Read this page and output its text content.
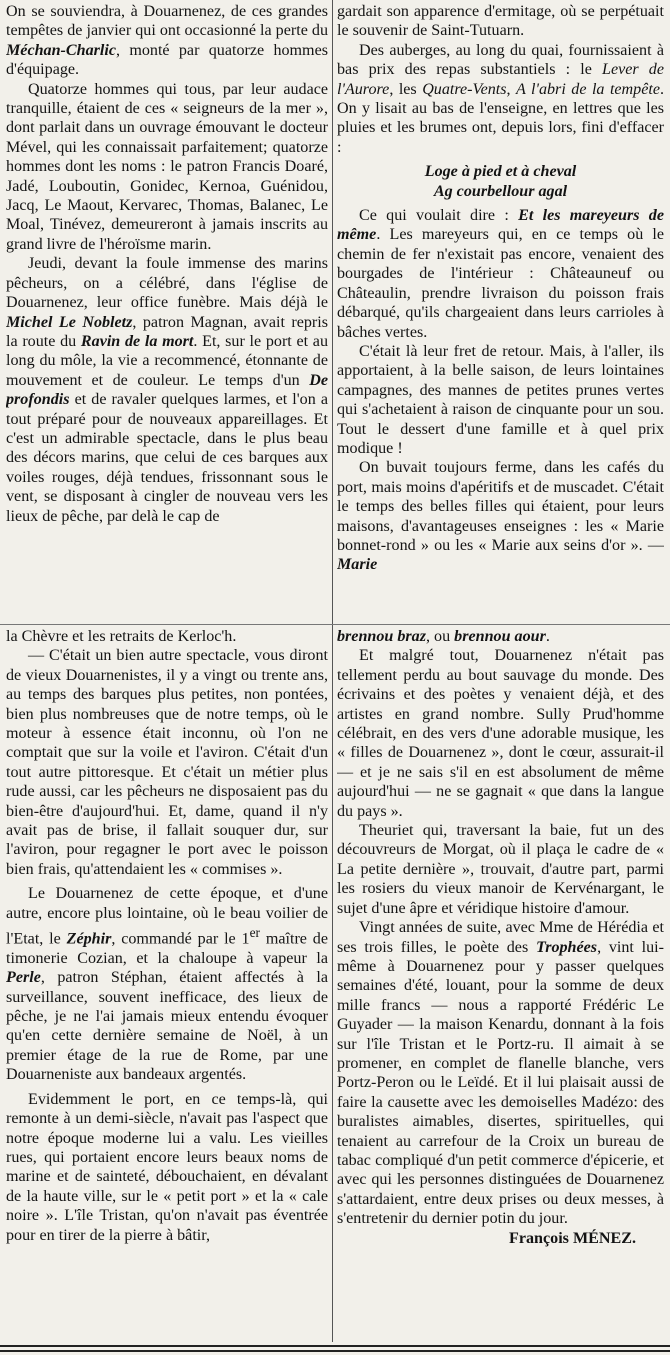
On se souviendra, à Douarnenez, de ces grandes tempêtes de janvier qui ont occasionné la perte du Méchan-Charlic, monté par quatorze hommes d'équipage.

Quatorze hommes qui tous, par leur audace tranquille, étaient de ces « seigneurs de la mer », dont parlait dans un ouvrage émouvant le docteur Mével, qui les connaissait parfaitement; quatorze hommes dont les noms : le patron Francis Doaré, Jadé, Louboutin, Gonidec, Kernoa, Guénidou, Jacq, Le Maout, Kervarec, Thomas, Balanec, Le Moal, Tinévez, demeureront à jamais inscrits au grand livre de l'héroïsme marin.

Jeudi, devant la foule immense des marins pêcheurs, on a célébré, dans l'église de Douarnenez, leur office funèbre. Mais déjà le Michel Le Nobletz, patron Magnan, avait repris la route du Ravin de la mort. Et, sur le port et au long du môle, la vie a recommencé, étonnante de mouvement et de couleur. Le temps d'un De profondis et de ravaler quelques larmes, et l'on a tout préparé pour de nouveaux appareillages. Et c'est un admirable spectacle, dans le plus beau des décors marins, que celui de ces barques aux voiles rouges, déjà tendues, frissonnant sous le vent, se disposant à cingler de nouveau vers les lieux de pêche, par delà le cap de

gardait son apparence d'ermitage, où se perpétuait le souvenir de Saint-Tutuarn.

Des auberges, au long du quai, fournissaient à bas prix des repas substantiels : le Lever de l'Aurore, les Quatre-Vents, A l'abri de la tempête. On y lisait au bas de l'enseigne, en lettres que les pluies et les brumes ont, depuis lors, fini d'effacer :

Loge à pied et à cheval

Ag courbellour agal

Ce qui voulait dire : Et les mareyeurs de même. Les mareyeurs qui, en ce temps où le chemin de fer n'existait pas encore, venaient des bourgades de l'intérieur : Châteauneuf ou Châteaulin, prendre livraison du poisson frais débarqué, qu'ils chargeaient dans leurs carrioles à bâches vertes.

C'était là leur fret de retour. Mais, à l'aller, ils apportaient, à la belle saison, de leurs lointaines campagnes, des mannes de petites prunes vertes qui s'achetaient à raison de cinquante pour un sou. Tout le dessert d'une famille et à quel prix modique !

On buvait toujours ferme, dans les cafés du port, mais moins d'apéritifs et de muscadet. C'était le temps des belles filles qui étaient, pour leurs maisons, d'avantageuses enseignes : les « Marie bonnet-rond » ou les « Marie aux seins d'or ». — Marie

la Chèvre et les retraits de Kerloc'h.

— C'était un bien autre spectacle, vous diront de vieux Douarnenistes, il y a vingt ou trente ans, au temps des barques plus petites, non pontées, bien plus nombreuses que de notre temps, où le moteur à essence était inconnu, où l'on ne comptait que sur la voile et l'aviron. C'était d'un tout autre pittoresque. Et c'était un métier plus rude aussi, car les pêcheurs ne disposaient pas du bien-être d'aujourd'hui. Et, dame, quand il n'y avait pas de brise, il fallait souquer dur, sur l'aviron, pour regagner le port avec le poisson bien frais, qu'attendaient les « commises ».

Le Douarnenez de cette époque, et d'une autre, encore plus lointaine, où le beau voilier de l'Etat, le Zéphir, commandé par le 1er maître de timonerie Cozian, et la chaloupe à vapeur la Perle, patron Stéphan, étaient affectés à la surveillance, souvent inefficace, des lieux de pêche, je ne l'ai jamais mieux entendu évoquer qu'en cette dernière semaine de Noël, à un premier étage de la rue de Rome, par une Douarneniste aux bandeaux argentés.

Evidemment le port, en ce temps-là, qui remonte à un demi-siècle, n'avait pas l'aspect que notre époque moderne lui a valu. Les vieilles rues, qui portaient encore leurs beaux noms de marine et de sainteté, débouchaient, en dévalant de la haute ville, sur le « petit port » et la « cale noire ». L'île Tristan, qu'on n'avait pas éventrée pour en tirer de la pierre à bâtir,

brennou braz, ou brennou aour.

Et malgré tout, Douarnenez n'était pas tellement perdu au bout sauvage du monde. Des écrivains et des poètes y venaient déjà, et des artistes en grand nombre. Sully Prud'homme célébrait, en des vers d'une adorable musique, les « filles de Douarnenez », dont le cœur, assurait-il — et je ne sais s'il en est absolument de même aujourd'hui — ne se gagnait « que dans la langue du pays ».

Theuriet qui, traversant la baie, fut un des découvreurs de Morgat, où il plaça le cadre de « La petite dernière », trouvait, d'autre part, parmi les rosiers du vieux manoir de Kervénargant, le sujet d'une âpre et véridique histoire d'amour.

Vingt années de suite, avec Mme de Hérédia et ses trois filles, le poète des Trophées, vint lui-même à Douarnenez pour y passer quelques semaines d'été, louant, pour la somme de deux mille francs — nous a rapporté Frédéric Le Guyader — la maison Kenardu, donnant à la fois sur l'île Tristan et le Portz-ru. Il aimait à se promener, en complet de flanelle blanche, vers Portz-Peron ou le Leïdé. Et il lui plaisait aussi de faire la causette avec les demoiselles Madézo: des buralistes aimables, disertes, spirituelles, qui tenaient au carrefour de la Croix un bureau de tabac compliqué d'un petit commerce d'épicerie, et avec qui les personnes distinguées de Douarnenez s'attardaient, entre deux prises ou deux messes, à s'entretenir du dernier potin du jour.

François MÉNEZ.
